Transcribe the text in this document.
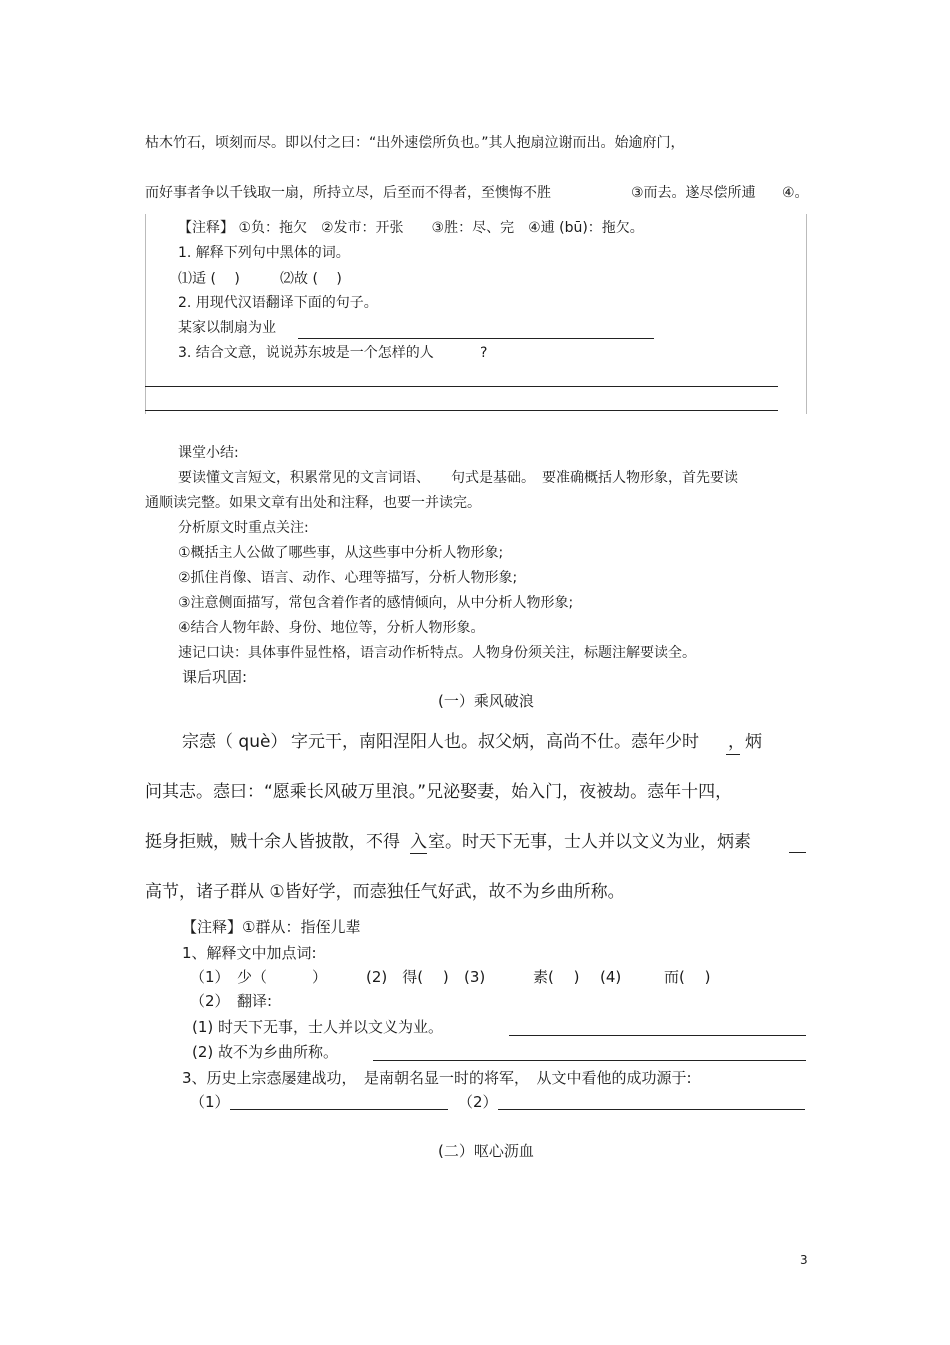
枯木竹石，顷刻而尽。即以付之曰：“出外速偿所负也。”其人抱扇泣谢而出。始逾府门，
而好事者争以千钱取一扇，所持立尽，后至而不得者，至懊悔不胜	③而去。遂尽偿所逋 ④。
【注释】 ①负：拖欠　②发市：开张　　③胜：尽、完　④逋 (bū)：拖欠。
1. 解释下列句中黑体的词。
⑴适 (　 )	⑵故 (　 )
2. 用现代汉语翻译下面的句子。
某家以制扇为业
3. 结合文意，说说苏东坡是一个怎样的人	?
课堂小结:
要读懂文言短文，积累常见的文言词语、　　句式是基础。　要准确概括人物形象，首先要读
通顺读完整。如果文章有出处和注释，也要一并读完。
分析原文时重点关注:
①概括主人公做了哪些事，从这些事中分析人物形象;
②抓住肖像、语言、动作、心理等描写，分析人物形象;
③注意侧面描写，常包含着作者的感情倾向，从中分析人物形象;
④结合人物年龄、身份、地位等，分析人物形象。
速记口诀：具体事件显性格，语言动作析特点。人物身份须关注，标题注解要读全。
课后巩固:
(一）乘风破浪
宗悫（ què） 字元干，南阳涅阳人也。叔父炳，高尚不仕。悫年少时 ，炳
问其志。悫曰：“愿乘长风破万里浪。”兄泌娶妻，始入门，夜被劫。悫年十四，
挺身拒贼，贼十余人皆披散，不得 入 室。时天下无事，士人并以文义为业，炳素
高节，诸子群从 ①皆好学，而悫独任气好武，故不为乡曲所称。
【注释】①群从：指侄儿辈
1、解释文中加点词:
（1）　少（　　　）	(2)　得(　 ) (3)	素(　 ) (4)	而(　 )
（2）　翻译:
(1) 时天下无事，士人并以文义为业。
(2) 故不为乡曲所称。
3、历史上宗悫屡建战功，　是南朝名显一时的将军，　从文中看他的成功源于:
（1）	（2）
(二）呕心沥血
3
